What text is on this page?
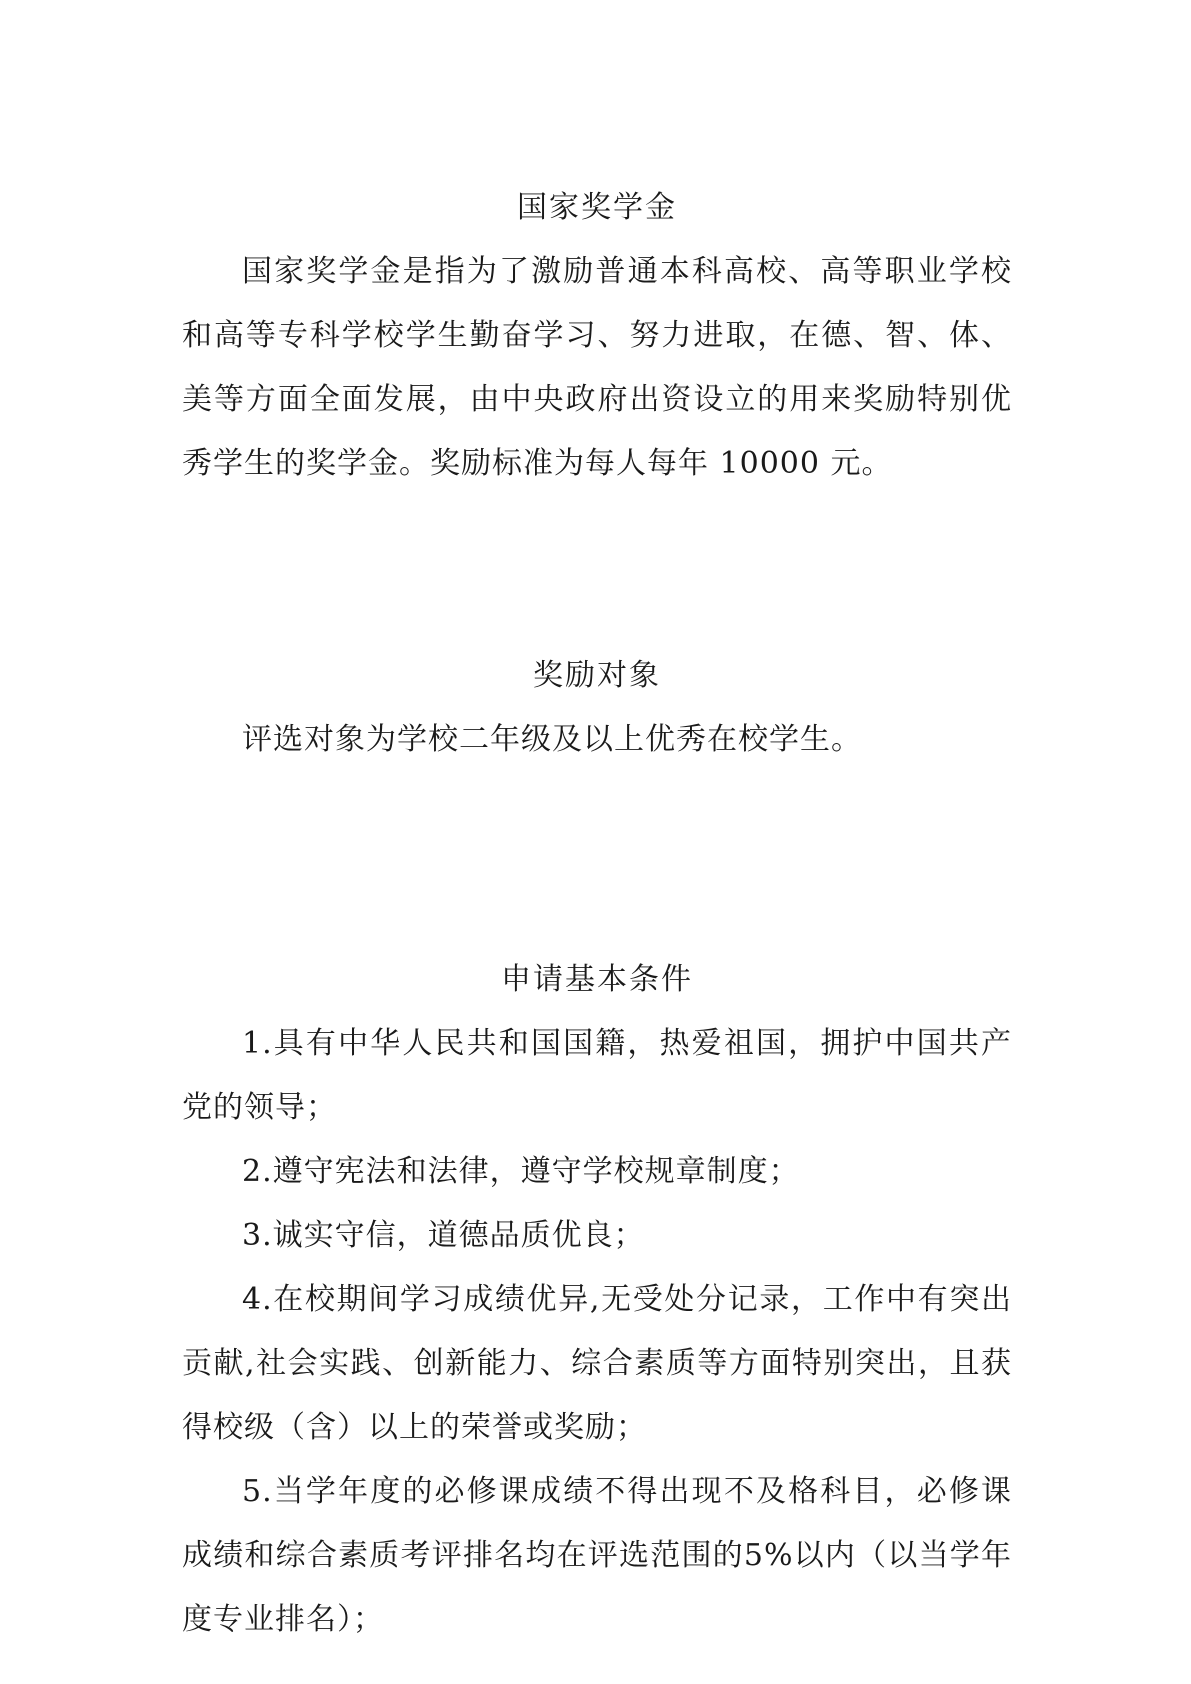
国家奖学金

国家奖学金是指为了激励普通本科高校、高等职业学校和高等专科学校学生勤奋学习、努力进取，在德、智、体、美等方面全面发展，由中央政府出资设立的用来奖励特别优秀学生的奖学金。奖励标准为每人每年 10000 元。

奖励对象

评选对象为学校二年级及以上优秀在校学生。

申请基本条件

1.具有中华人民共和国国籍，热爱祖国，拥护中国共产党的领导；

2.遵守宪法和法律，遵守学校规章制度；

3.诚实守信，道德品质优良；

4.在校期间学习成绩优异,无受处分记录，工作中有突出贡献,社会实践、创新能力、综合素质等方面特别突出，且获得校级（含）以上的荣誉或奖励；

5.当学年度的必修课成绩不得出现不及格科目，必修课成绩和综合素质考评排名均在评选范围的5%以内（以当学年度专业排名）；
